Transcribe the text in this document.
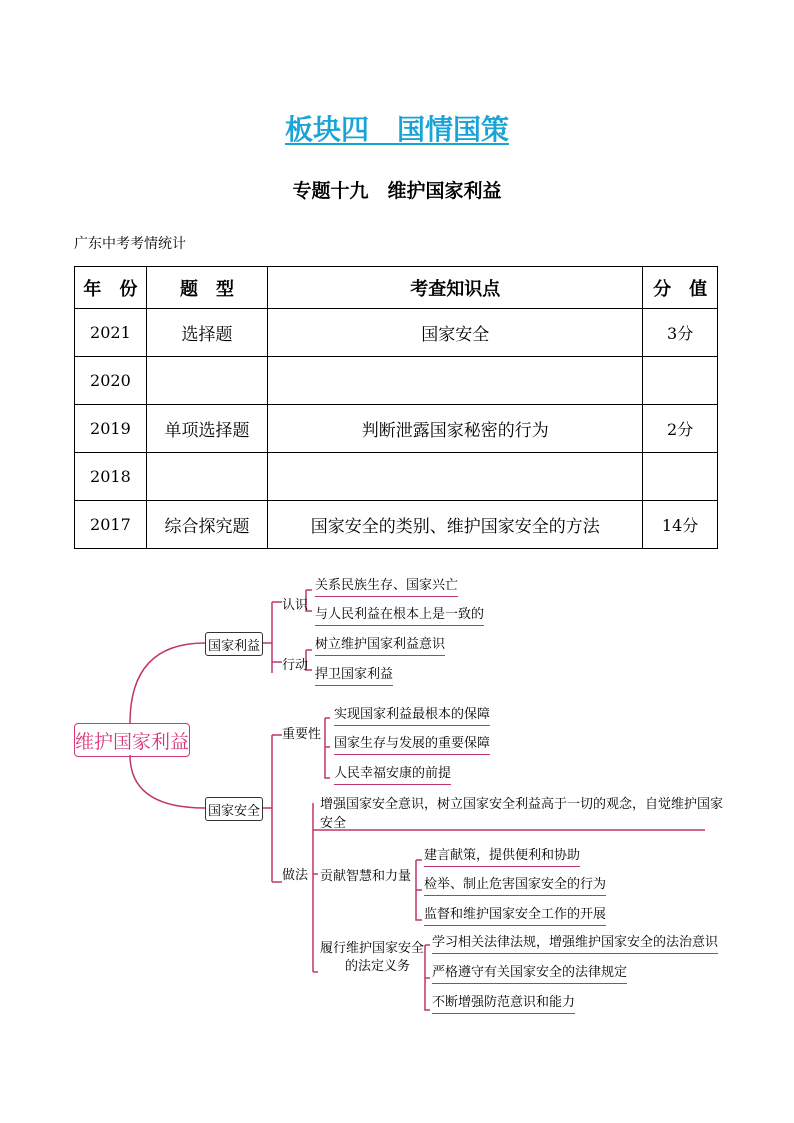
板块四　国情国策
专题十九　维护国家利益
广东中考考情统计
年　份	题　型	考查知识点	分　值
2021	选择题	国家安全	3分
2020			
2019	单项选择题	判断泄露国家秘密的行为	2分
2018			
2017	综合探究题	国家安全的类别、维护国家安全的方法	14分
维护国家利益
国家利益
认识
关系民族生存、国家兴亡
与人民利益在根本上是一致的
行动
树立维护国家利益意识
捍卫国家利益
国家安全
重要性
实现国家利益最根本的保障
国家生存与发展的重要保障
人民幸福安康的前提
做法
增强国家安全意识，树立国家安全利益高于一切的观念，自觉维护国家
安全
贡献智慧和力量
建言献策，提供便利和协助
检举、制止危害国家安全的行为
监督和维护国家安全工作的开展
履行维护国家安全
的法定义务
学习相关法律法规，增强维护国家安全的法治意识
严格遵守有关国家安全的法律规定
不断增强防范意识和能力
